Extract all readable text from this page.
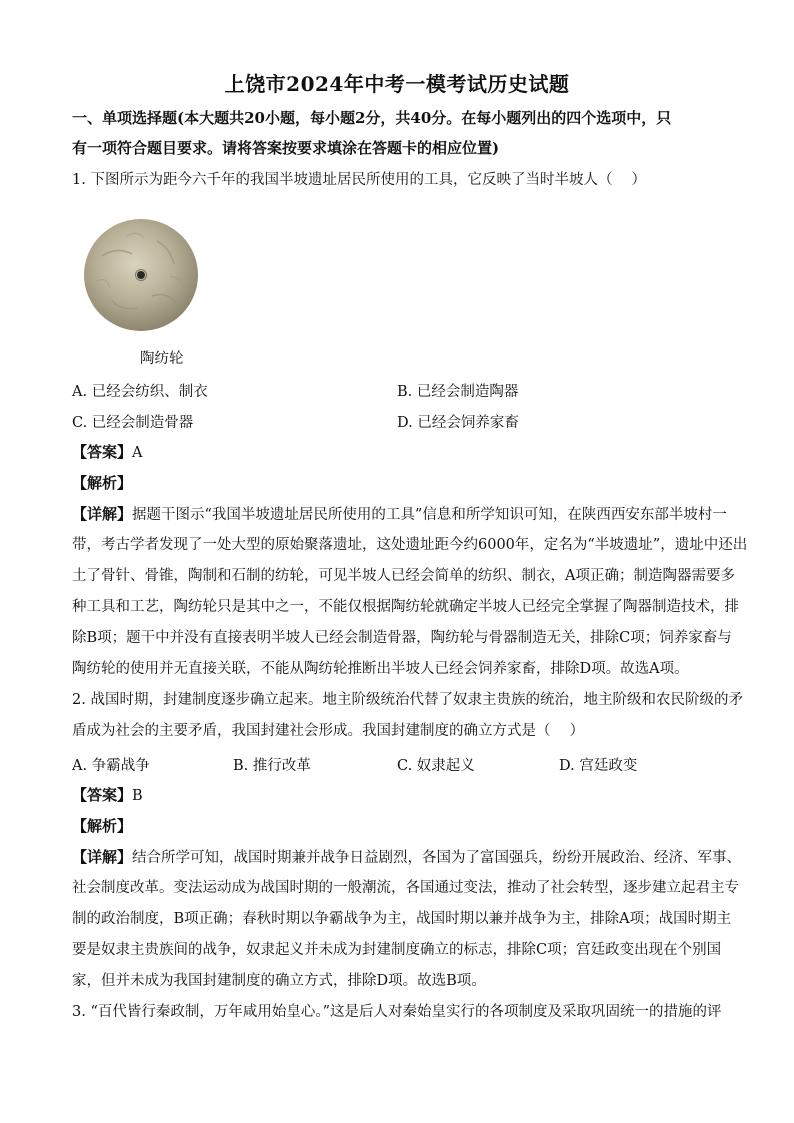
上饶市2024年中考一模考试历史试题
一、单项选择题(本大题共20小题，每小题2分，共40分。在每小题列出的四个选项中，只
有一项符合题目要求。请将答案按要求填涂在答题卡的相应位置)
1. 下图所示为距今六千年的我国半坡遗址居民所使用的工具，它反映了当时半坡人（　 ）
陶纺轮
A. 已经会纺织、制衣	B. 已经会制造陶器
C. 已经会制造骨器	D. 已经会饲养家畜
【答案】A
【解析】
【详解】据题干图示“我国半坡遗址居民所使用的工具”信息和所学知识可知，在陕西西安东部半坡村一
带，考古学者发现了一处大型的原始聚落遗址，这处遗址距今约6000年，定名为“半坡遗址”，遗址中还出
土了骨针、骨锥，陶制和石制的纺轮，可见半坡人已经会简单的纺织、制衣，A项正确；制造陶器需要多
种工具和工艺，陶纺轮只是其中之一，不能仅根据陶纺轮就确定半坡人已经完全掌握了陶器制造技术，排
除B项；题干中并没有直接表明半坡人已经会制造骨器，陶纺轮与骨器制造无关，排除C项；饲养家畜与
陶纺轮的使用并无直接关联，不能从陶纺轮推断出半坡人已经会饲养家畜，排除D项。故选A项。
2. 战国时期，封建制度逐步确立起来。地主阶级统治代替了奴隶主贵族的统治，地主阶级和农民阶级的矛
盾成为社会的主要矛盾，我国封建社会形成。我国封建制度的确立方式是（　 ）
A. 争霸战争	B. 推行改革	C. 奴隶起义	D. 宫廷政变
【答案】B
【解析】
【详解】结合所学可知，战国时期兼并战争日益剧烈，各国为了富国强兵，纷纷开展政治、经济、军事、
社会制度改革。变法运动成为战国时期的一般潮流，各国通过变法，推动了社会转型，逐步建立起君主专
制的政治制度，B项正确；春秋时期以争霸战争为主，战国时期以兼并战争为主，排除A项；战国时期主
要是奴隶主贵族间的战争，奴隶起义并未成为封建制度确立的标志，排除C项；宫廷政变出现在个别国
家，但并未成为我国封建制度的确立方式，排除D项。故选B项。
3. “百代皆行秦政制，万年咸用始皇心。”这是后人对秦始皇实行的各项制度及采取巩固统一的措施的评
